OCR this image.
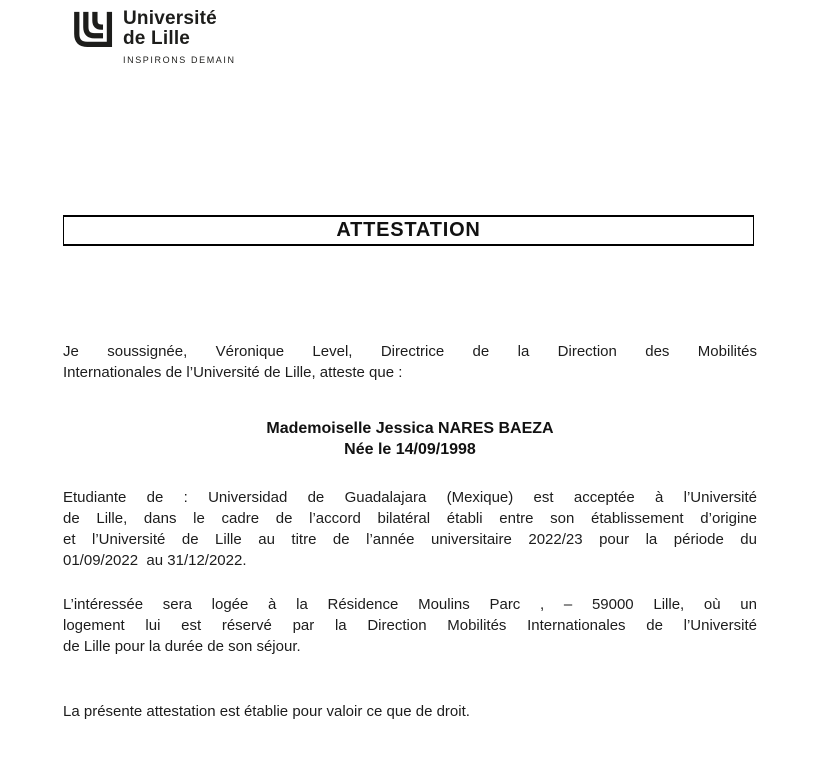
Université
de Lille
INSPIRONS DEMAIN
ATTESTATION
Je soussignée, Véronique Level, Directrice de la Direction des Mobilités
Internationales de l’Université de Lille, atteste que :
Mademoiselle Jessica NARES BAEZA
Née le 14/09/1998
Etudiante de : Universidad de Guadalajara (Mexique) est acceptée à l’Université
de Lille, dans le cadre de l’accord bilatéral établi entre son établissement d’origine
et l’Université de Lille au titre de l’année universitaire 2022/23 pour la période du
01/09/2022  au 31/12/2022.
L’intéressée sera logée à la Résidence Moulins Parc , – 59000 Lille, où un
logement lui est réservé par la Direction Mobilités Internationales de l’Université
de Lille pour la durée de son séjour.
La présente attestation est établie pour valoir ce que de droit.
